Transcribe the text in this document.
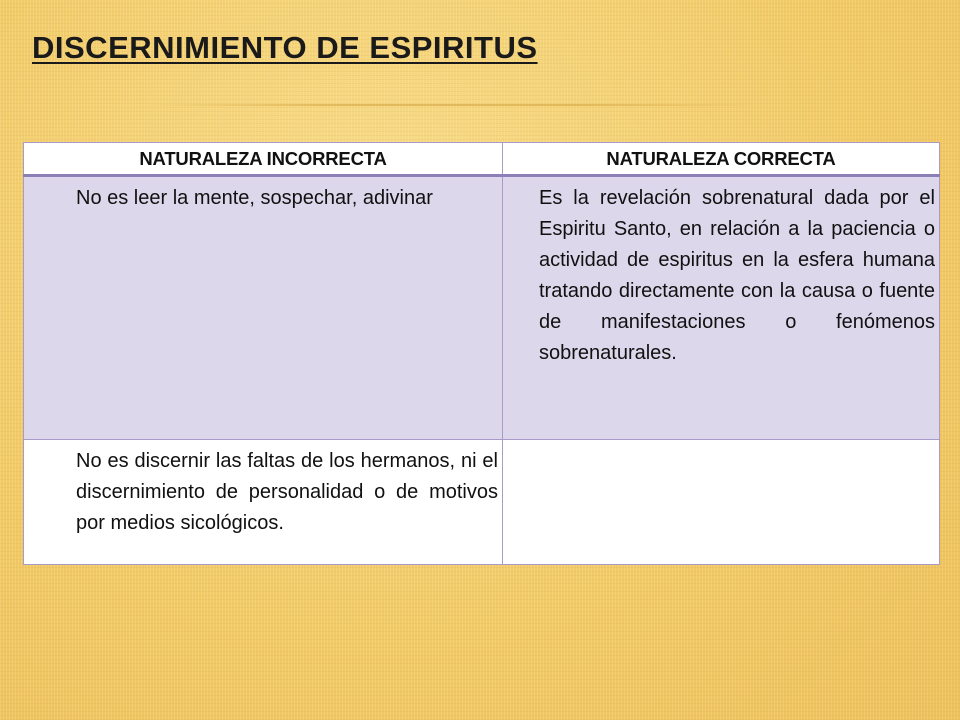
DISCERNIMIENTO DE ESPIRITUS
NATURALEZA INCORRECTA	NATURALEZA CORRECTA
No es leer la mente, sospechar, adivinar	Es la revelación sobrenatural dada por el Espiritu Santo, en relación a la paciencia o actividad de espiritus en la esfera humana tratando directamente con la causa o fuente de manifestaciones o fenómenos sobrenaturales.
No es discernir las faltas de los hermanos, ni el discernimiento de personalidad o de motivos por medios sicológicos.	
